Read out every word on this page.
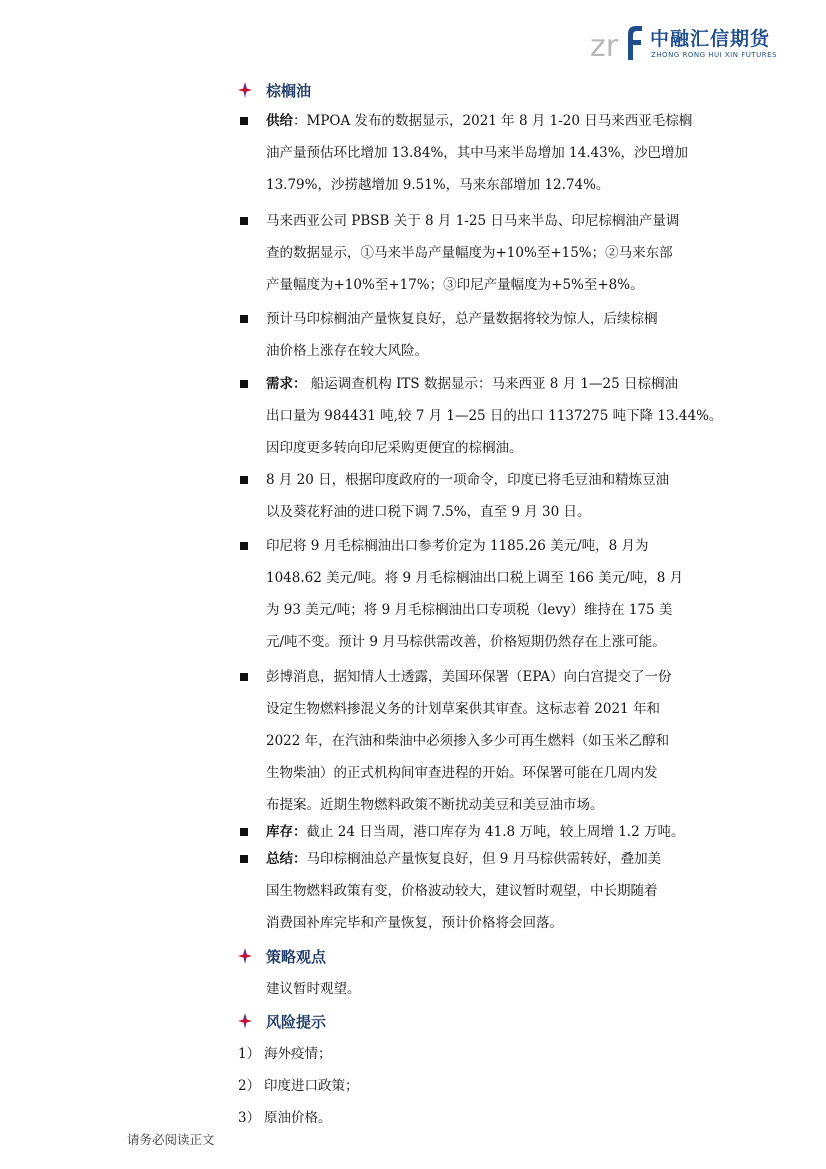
zr 中融汇信期货
ZHONG RONG HUI XIN FUTURES
棕榈油
供给：MPOA 发布的数据显示，2021 年 8 月 1-20 日马来西亚毛棕榈
油产量预估环比增加 13.84%，其中马来半岛增加 14.43%，沙巴增加
13.79%，沙捞越增加 9.51%，马来东部增加 12.74%。
马来西亚公司 PBSB 关于 8 月 1-25 日马来半岛、印尼棕榈油产量调
查的数据显示，①马来半岛产量幅度为+10%至+15%；②马来东部
产量幅度为+10%至+17%；③印尼产量幅度为+5%至+8%。
预计马印棕榈油产量恢复良好，总产量数据将较为惊人，后续棕榈
油价格上涨存在较大风险。
需求： 船运调查机构 ITS 数据显示：马来西亚 8 月 1—25 日棕榈油
出口量为 984431 吨,较 7 月 1—25 日的出口 1137275 吨下降 13.44%。
因印度更多转向印尼采购更便宜的棕榈油。
8 月 20 日，根据印度政府的一项命令，印度已将毛豆油和精炼豆油
以及葵花籽油的进口税下调 7.5%，直至 9 月 30 日。
印尼将 9 月毛棕榈油出口参考价定为 1185.26 美元/吨，8 月为
1048.62 美元/吨。将 9 月毛棕榈油出口税上调至 166 美元/吨，8 月
为 93 美元/吨；将 9 月毛棕榈油出口专项税（levy）维持在 175 美
元/吨不变。预计 9 月马棕供需改善，价格短期仍然存在上涨可能。
彭博消息，据知情人士透露，美国环保署（EPA）向白宫提交了一份
设定生物燃料掺混义务的计划草案供其审查。这标志着 2021 年和
2022 年，在汽油和柴油中必须掺入多少可再生燃料（如玉米乙醇和
生物柴油）的正式机构间审查进程的开始。环保署可能在几周内发
布提案。近期生物燃料政策不断扰动美豆和美豆油市场。
库存：截止 24 日当周，港口库存为 41.8 万吨，较上周增 1.2 万吨。
总结：马印棕榈油总产量恢复良好，但 9 月马棕供需转好，叠加美
国生物燃料政策有变，价格波动较大，建议暂时观望，中长期随着
消费国补库完毕和产量恢复，预计价格将会回落。
策略观点
建议暂时观望。
风险提示
1） 海外疫情；
2） 印度进口政策；
3） 原油价格。
请务必阅读正文
